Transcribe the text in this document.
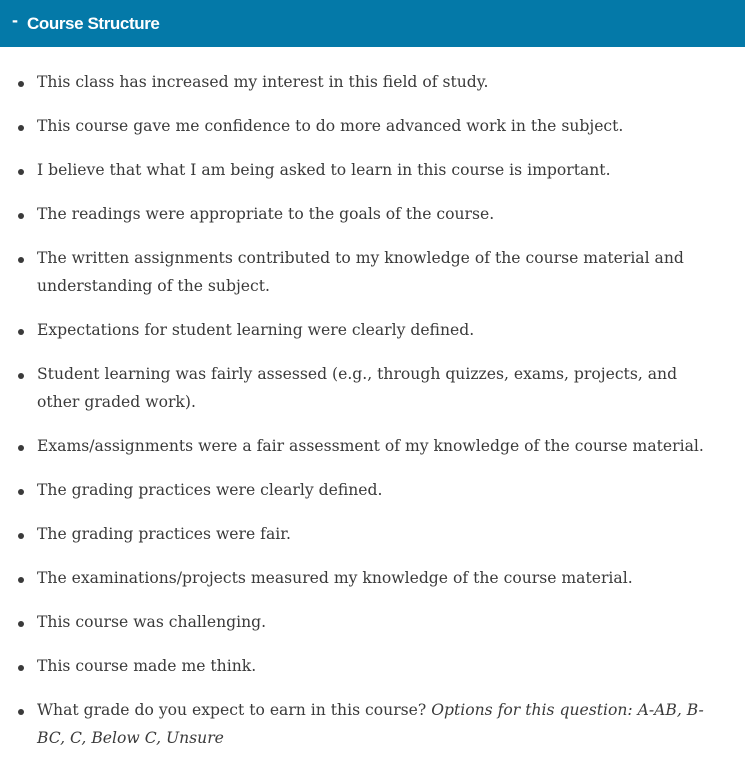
- Course Structure
This class has increased my interest in this field of study.
This course gave me confidence to do more advanced work in the subject.
I believe that what I am being asked to learn in this course is important.
The readings were appropriate to the goals of the course.
The written assignments contributed to my knowledge of the course material and understanding of the subject.
Expectations for student learning were clearly defined.
Student learning was fairly assessed (e.g., through quizzes, exams, projects, and other graded work).
Exams/assignments were a fair assessment of my knowledge of the course material.
The grading practices were clearly defined.
The grading practices were fair.
The examinations/projects measured my knowledge of the course material.
This course was challenging.
This course made me think.
What grade do you expect to earn in this course? Options for this question: A-AB, B-BC, C, Below C, Unsure
